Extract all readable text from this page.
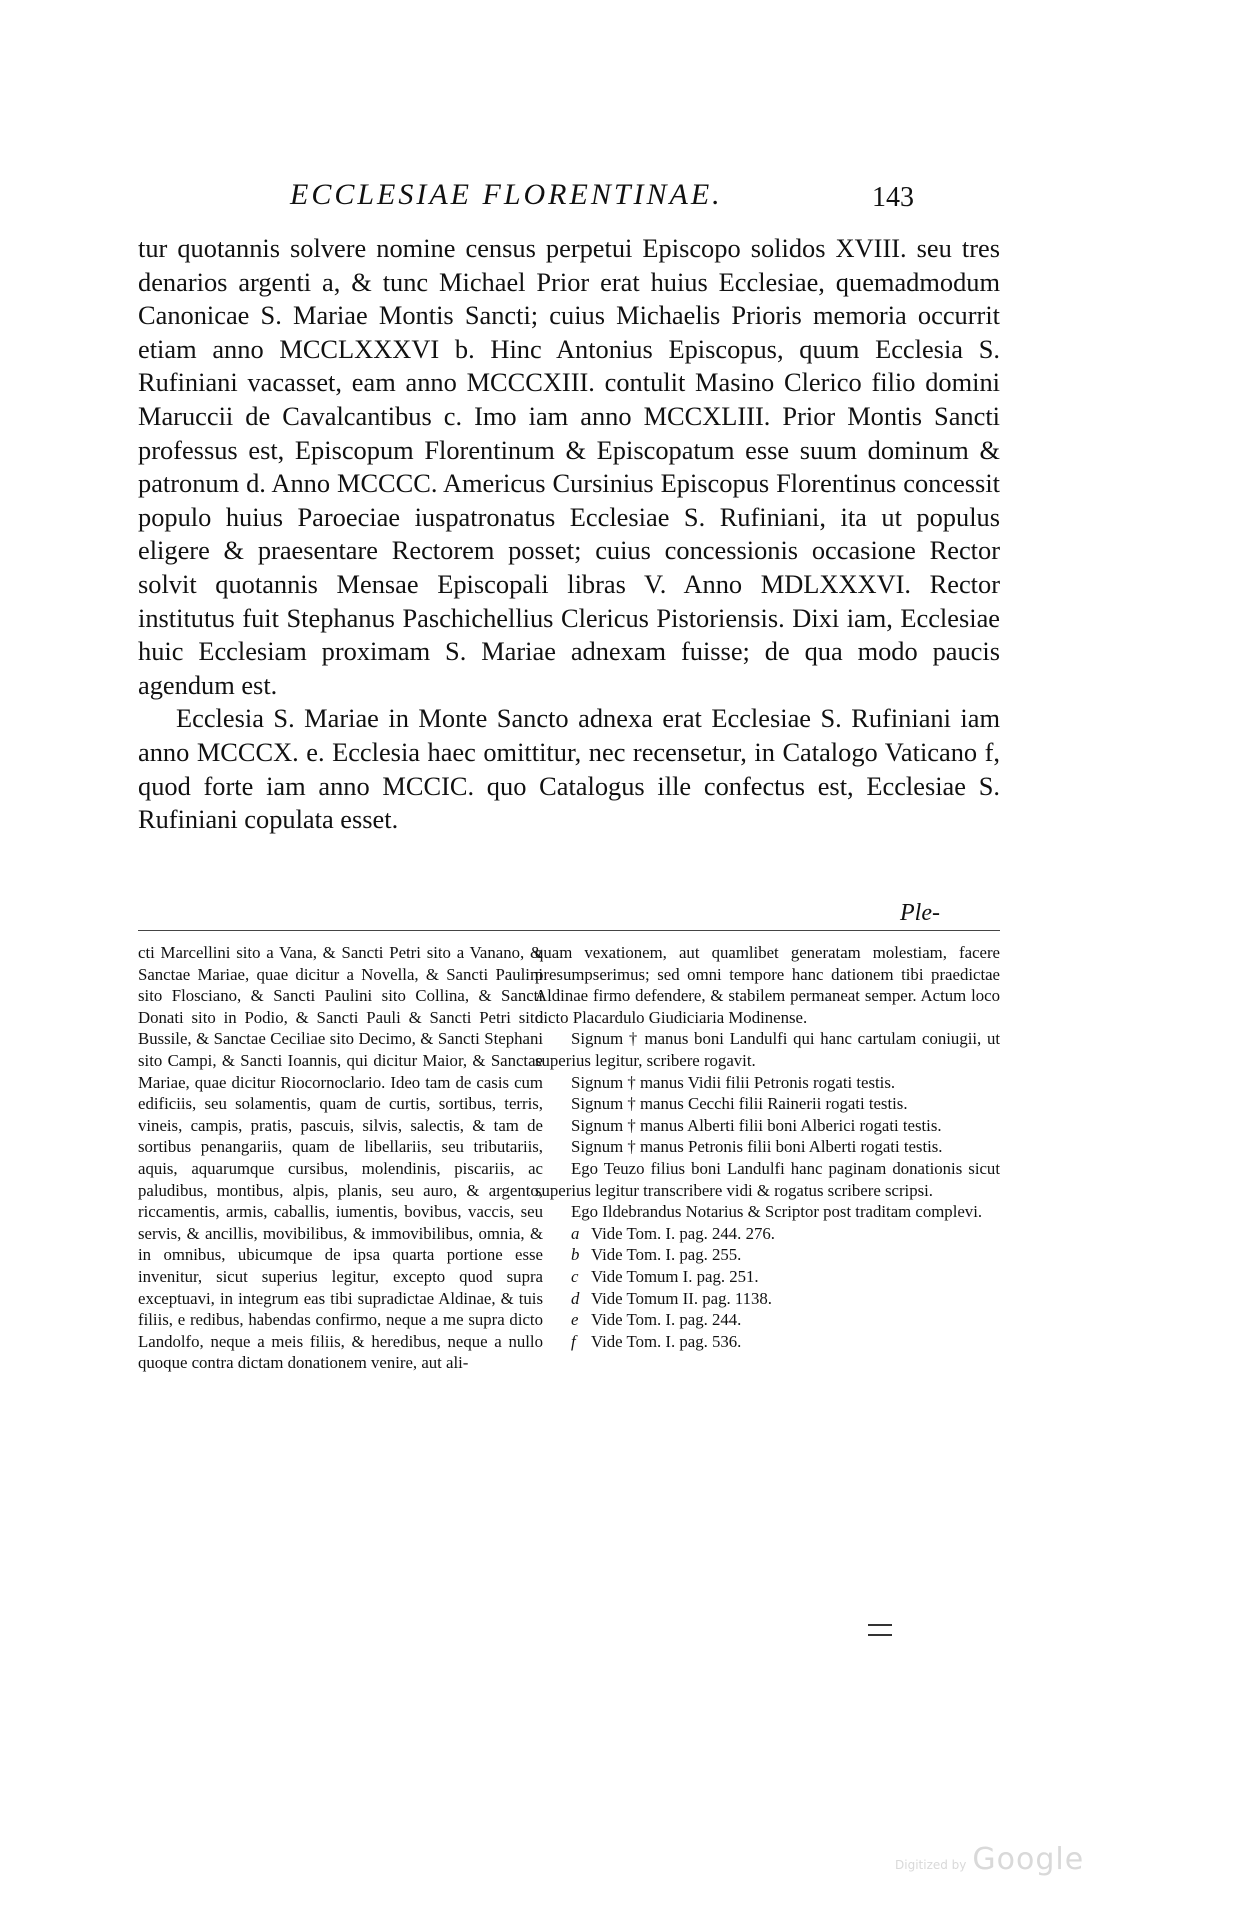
ECCLESIAE FLORENTINAE.	143

tur quotannis solvere nomine census perpetui Episcopo solidos XVIII. seu tres denarios argenti a, & tunc Michael Prior erat huius Ecclesiae, quemadmodum Canonicae S. Mariae Montis Sancti; cuius Michaelis Prioris memoria occurrit etiam anno MCCLXXXVI b. Hinc Antonius Episcopus, quum Ecclesia S. Rufiniani vacasset, eam anno MCCCXIII. contulit Masino Clerico filio domini Maruccii de Cavalcantibus c. Imo iam anno MCCXLIII. Prior Montis Sancti professus est, Episcopum Florentinum & Episcopatum esse suum dominum & patronum d. Anno MCCCC. Americus Cursinius Episcopus Florentinus concessit populo huius Paroeciae iuspatronatus Ecclesiae S. Rufiniani, ita ut populus eligere & praesentare Rectorem posset; cuius concessionis occasione Rector solvit quotannis Mensae Episcopali libras V. Anno MDLXXXVI. Rector institutus fuit Stephanus Paschichellius Clericus Pistoriensis. Dixi iam, Ecclesiae huic Ecclesiam proximam S. Mariae adnexam fuisse; de qua modo paucis agendum est.

Ecclesia S. Mariae in Monte Sancto adnexa erat Ecclesiae S. Rufiniani iam anno MCCCX. e. Ecclesia haec omittitur, nec recensetur, in Catalogo Vaticano f, quod forte iam anno MCCIC. quo Catalogus ille confectus est, Ecclesiae S. Rufiniani copulata esset.

Ple-

cti Marcellini sito a Vana, & Sancti Petri sito a Vanano, & Sanctae Mariae, quae dicitur a Novella, & Sancti Paulini sito Flosciano, & Sancti Paulini sito Collina, & Sancti Donati sito in Podio, & Sancti Pauli & Sancti Petri sito Bussile, & Sanctae Ceciliae sito Decimo, & Sancti Stephani sito Campi, & Sancti Ioannis, qui dicitur Maior, & Sanctae Mariae, quae dicitur Riocornoclario. Ideo tam de casis cum edificiis, seu solamentis, quam de curtis, sortibus, terris, vineis, campis, pratis, pascuis, silvis, salectis, & tam de sortibus penangariis, quam de libellariis, seu tributariis, aquis, aquarumque cursibus, molendinis, piscariis, ac paludibus, montibus, alpis, planis, seu auro, & argento, riccamentis, armis, caballis, iumentis, bovibus, vaccis, seu servis, & ancillis, movibilibus, & immovibilibus, omnia, & in omnibus, ubicumque de ipsa quarta portione esse invenitur, sicut superius legitur, excepto quod supra exceptuavi, in integrum eas tibi supradictae Aldinae, & tuis filiis, e redibus, habendas confirmo, neque a me supra dicto Landolfo, neque a meis filiis, & heredibus, neque a nullo quoque contra dictam donationem venire, aut ali-

quam vexationem, aut quamlibet generatam molestiam, facere presumpserimus; sed omni tempore hanc dationem tibi praedictae Aldinae firmo defendere, & stabilem permaneat semper. Actum loco dicto Placardulo Giudiciaria Modinense.

Signum † manus boni Landulfi qui hanc cartulam coniugii, ut superius legitur, scribere rogavit.

Signum † manus Vidii filii Petronis rogati testis.

Signum † manus Cecchi filii Rainerii rogati testis.

Signum † manus Alberti filii boni Alberici rogati testis.

Signum † manus Petronis filii boni Alberti rogati testis.

Ego Teuzo filius boni Landulfi hanc paginam donationis sicut superius legitur transcribere vidi & rogatus scribere scripsi.

Ego Ildebrandus Notarius & Scriptor post traditam complevi.

a Vide Tom. I. pag. 244. 276.
b Vide Tom. I. pag. 255.
c Vide Tomum I. pag. 251.
d Vide Tomum II. pag. 1138.
e Vide Tom. I. pag. 244.
f Vide Tom. I. pag. 536.
Digitized by Google
